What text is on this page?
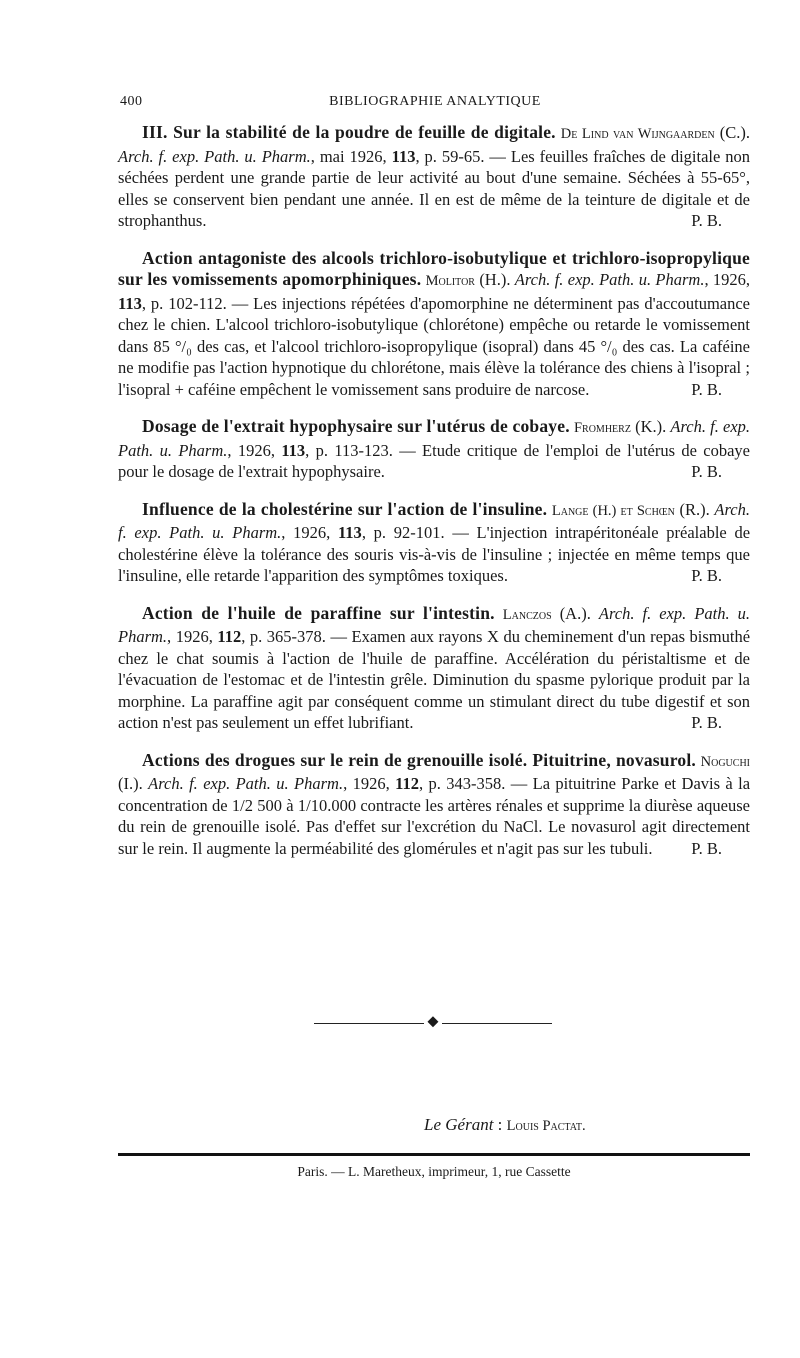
400	BIBLIOGRAPHIE ANALYTIQUE

III. Sur la stabilité de la poudre de feuille de digitale. De Lind van Wijngaarden (C.). Arch. f. exp. Path. u. Pharm., mai 1926, 113, p. 59-65. — Les feuilles fraîches de digitale non séchées perdent une grande partie de leur activité au bout d'une semaine. Séchées à 55-65°, elles se conservent bien pendant une année. Il en est de même de la teinture de digitale et de strophanthus.	P. B.

Action antagoniste des alcools trichloro-isobutylique et trichloro-isopropylique sur les vomissements apomorphiniques. Molitor (H.). Arch. f. exp. Path. u. Pharm., 1926, 113, p. 102-112. — Les injections répétées d'apomorphine ne déterminent pas d'accoutumance chez le chien. L'alcool trichloro-isobutylique (chlorétone) empêche ou retarde le vomissement dans 85 °/₀ des cas, et l'alcool trichloro-isopropylique (isopral) dans 45 °/₀ des cas. La caféine ne modifie pas l'action hypnotique du chlorétone, mais élève la tolérance des chiens à l'isopral ; l'isopral + caféine empêchent le vomissement sans produire de narcose.	P. B.

Dosage de l'extrait hypophysaire sur l'utérus de cobaye. Fromherz (K.). Arch. f. exp. Path. u. Pharm., 1926, 113, p. 113-123. — Etude critique de l'emploi de l'utérus de cobaye pour le dosage de l'extrait hypophysaire.	P. B.

Influence de la cholestérine sur l'action de l'insuline. Lange (H.) et Schœn (R.). Arch. f. exp. Path. u. Pharm., 1926, 113, p. 92-101. — L'injection intrapéritonéale préalable de cholestérine élève la tolérance des souris vis-à-vis de l'insuline ; injectée en même temps que l'insuline, elle retarde l'apparition des symptômes toxiques.	P. B.

Action de l'huile de paraffine sur l'intestin. Lanczos (A.). Arch. f. exp. Path. u. Pharm., 1926, 112, p. 365-378. — Examen aux rayons X du cheminement d'un repas bismuthé chez le chat soumis à l'action de l'huile de paraffine. Accélération du péristaltisme et de l'évacuation de l'estomac et de l'intestin grêle. Diminution du spasme pylorique produit par la morphine. La paraffine agit par conséquent comme un stimulant direct du tube digestif et son action n'est pas seulement un effet lubrifiant.	P. B.

Actions des drogues sur le rein de grenouille isolé. Pituitrine, novasurol. Noguchi (I.). Arch. f. exp. Path. u. Pharm., 1926, 112, p. 343-358. — La pituitrine Parke et Davis à la concentration de 1/2 500 à 1/10.000 contracte les artères rénales et supprime la diurèse aqueuse du rein de grenouille isolé. Pas d'effet sur l'excrétion du NaCl. Le novasurol agit directement sur le rein. Il augmente la perméabilité des glomérules et n'agit pas sur les tubuli.	P. B.

⬥
Le Gérant : Louis Pactat.
Paris. — L. Maretheux, imprimeur, 1, rue Cassette
